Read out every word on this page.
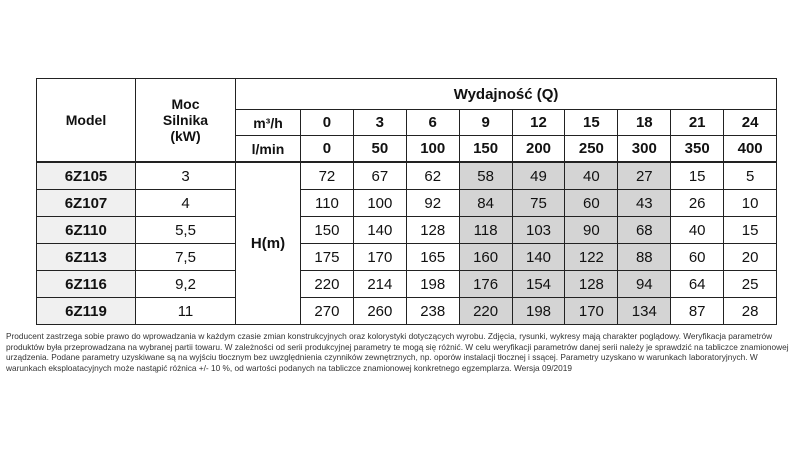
Model	Moc
Silnika
(kW)	Wydajność (Q)									
		m³/h	0	3	6	9	12	15	18	21	24
		l/min	0	50	100	150	200	250	300	350	400
6Z105	3	H(m)	72	67	62	58	49	40	27	15	5
6Z107	4		110	100	92	84	75	60	43	26	10
6Z110	5,5		150	140	128	118	103	90	68	40	15
6Z113	7,5		175	170	165	160	140	122	88	60	20
6Z116	9,2		220	214	198	176	154	128	94	64	25
6Z119	11		270	260	238	220	198	170	134	87	28
Producent zastrzega sobie prawo do wprowadzania w każdym czasie zmian konstrukcyjnych oraz kolorystyki dotyczących wyrobu. Zdjęcia, rysunki, wykresy mają charakter poglądowy. Weryfikacja parametrów produktów była przeprowadzana na wybranej partii towaru. W zależności od serii produkcyjnej parametry te mogą się różnić. W celu weryfikacji parametrów danej serii należy je sprawdzić na tabliczce znamionowej urządzenia. Podane parametry uzyskiwane są na wyjściu tłocznym bez uwzględnienia czynników zewnętrznych, np. oporów instalacji tłocznej i ssącej. Parametry uzyskano w warunkach laboratoryjnych. W warunkach eksploatacyjnych może nastąpić różnica +/- 10 %, od wartości podanych na tabliczce znamionowej konkretnego egzemplarza. Wersja 09/2019
